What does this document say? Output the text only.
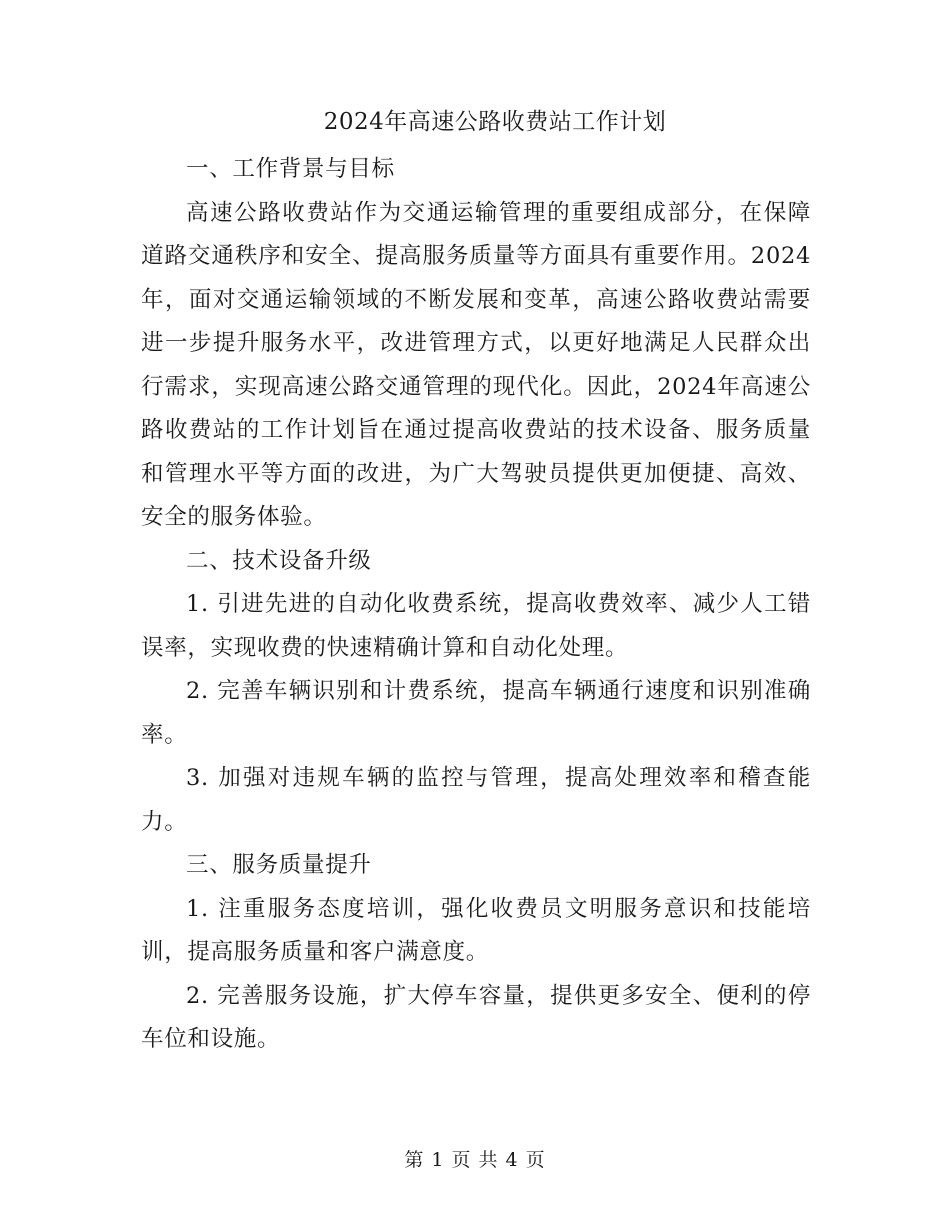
2024年高速公路收费站工作计划

一、工作背景与目标

高速公路收费站作为交通运输管理的重要组成部分，在保障道路交通秩序和安全、提高服务质量等方面具有重要作用。2024年，面对交通运输领域的不断发展和变革，高速公路收费站需要进一步提升服务水平，改进管理方式，以更好地满足人民群众出行需求，实现高速公路交通管理的现代化。因此，2024年高速公路收费站的工作计划旨在通过提高收费站的技术设备、服务质量和管理水平等方面的改进，为广大驾驶员提供更加便捷、高效、安全的服务体验。

二、技术设备升级

1. 引进先进的自动化收费系统，提高收费效率、减少人工错误率，实现收费的快速精确计算和自动化处理。

2. 完善车辆识别和计费系统，提高车辆通行速度和识别准确率。

3. 加强对违规车辆的监控与管理，提高处理效率和稽查能力。

三、服务质量提升

1. 注重服务态度培训，强化收费员文明服务意识和技能培训，提高服务质量和客户满意度。

2. 完善服务设施，扩大停车容量，提供更多安全、便利的停车位和设施。

第 1 页 共 4 页
